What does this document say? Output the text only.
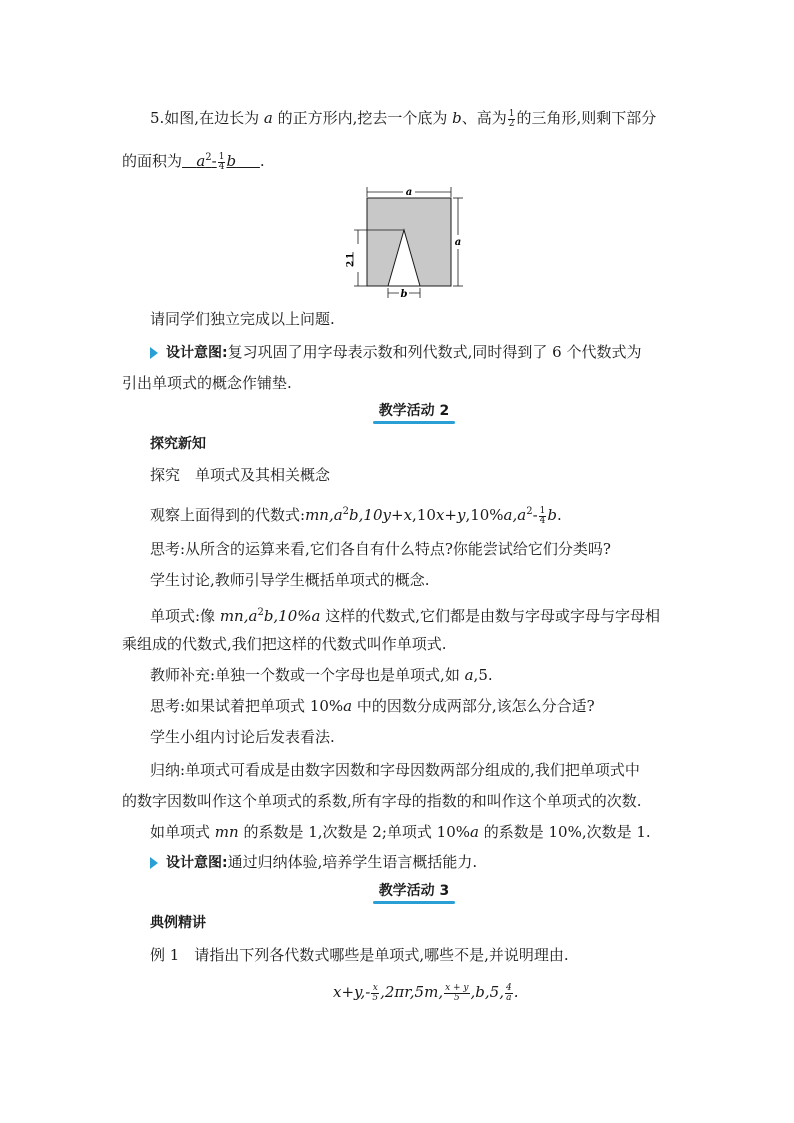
5.如图,在边长为 a 的正方形内,挖去一个底为 b、高为 $\frac{1}{2}$ 的三角形,则剩下部分
的面积为 $a^2- \frac{1}{4}$ b .
a
a
b
1
2
请同学们独立完成以上问题.
设计意图:复习巩固了用字母表示数和列代数式,同时得到了 6 个代数式为
引出单项式的概念作铺垫.
教学活动 2
探究新知
探究　单项式及其相关概念
观察上面得到的代数式$:mn,a^2b,10y+x,10x+y,10\%a,a^2- \frac{1}{4} b$.
思考:从所含的运算来看,它们各自有什么特点?你能尝试给它们分类吗?
学生讨论,教师引导学生概括单项式的概念.
单项式:像 $mn,a^2b,10\%a$ 这样的代数式,它们都是由数与字母或字母与字母相
乘组成的代数式,我们把这样的代数式叫作单项式.
教师补充:单独一个数或一个字母也是单项式,如 a,5.
思考:如果试着把单项式 10%a 中的因数分成两部分,该怎么分合适?
学生小组内讨论后发表看法.
归纳:单项式可看成是由数字因数和字母因数两部分组成的,我们把单项式中
的数字因数叫作这个单项式的系数,所有字母的指数的和叫作这个单项式的次数.
如单项式 mn 的系数是 1,次数是 2;单项式 10%a 的系数是 10%,次数是 1.
设计意图:通过归纳体验,培养学生语言概括能力.
教学活动 3
典例精讲
例 1　请指出下列各代数式哪些是单项式,哪些不是,并说明理由.
$x+y,- \frac{x}{5} ,2\pi r,5m$, $\frac{x + y}{5} ,b,5$, $\frac{4}{a}$ .
